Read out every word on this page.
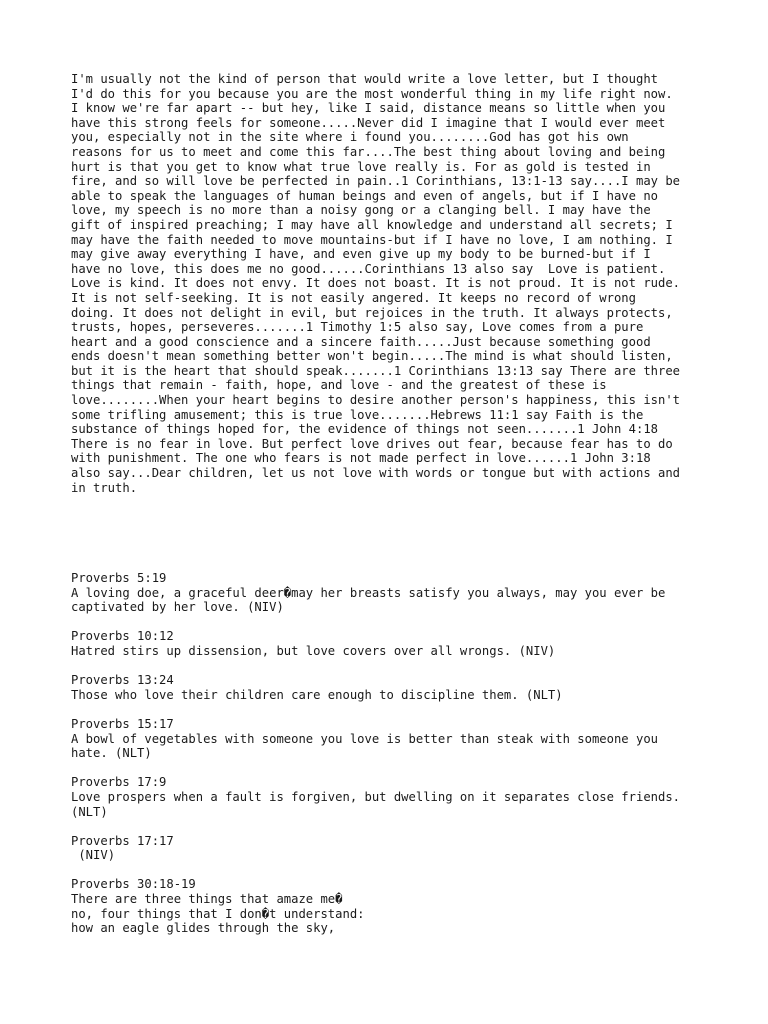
I'm usually not the kind of person that would write a love letter, but I thought
I'd do this for you because you are the most wonderful thing in my life right now.
I know we're far apart -- but hey, like I said, distance means so little when you
have this strong feels for someone.....Never did I imagine that I would ever meet
you, especially not in the site where i found you........God has got his own
reasons for us to meet and come this far....The best thing about loving and being
hurt is that you get to know what true love really is. For as gold is tested in
fire, and so will love be perfected in pain..1 Corinthians, 13:1-13 say....I may be
able to speak the languages of human beings and even of angels, but if I have no
love, my speech is no more than a noisy gong or a clanging bell. I may have the
gift of inspired preaching; I may have all knowledge and understand all secrets; I
may have the faith needed to move mountains-but if I have no love, I am nothing. I
may give away everything I have, and even give up my body to be burned-but if I
have no love, this does me no good......Corinthians 13 also say  Love is patient.
Love is kind. It does not envy. It does not boast. It is not proud. It is not rude.
It is not self-seeking. It is not easily angered. It keeps no record of wrong
doing. It does not delight in evil, but rejoices in the truth. It always protects,
trusts, hopes, perseveres.......1 Timothy 1:5 also say, Love comes from a pure
heart and a good conscience and a sincere faith.....Just because something good
ends doesn't mean something better won't begin.....The mind is what should listen,
but it is the heart that should speak.......1 Corinthians 13:13 say There are three
things that remain - faith, hope, and love - and the greatest of these is
love........When your heart begins to desire another person's happiness, this isn't
some trifling amusement; this is true love.......Hebrews 11:1 say Faith is the
substance of things hoped for, the evidence of things not seen.......1 John 4:18
There is no fear in love. But perfect love drives out fear, because fear has to do
with punishment. The one who fears is not made perfect in love......1 John 3:18
also say...Dear children, let us not love with words or tongue but with actions and
in truth.

Proverbs 5:19
A loving doe, a graceful deer�may her breasts satisfy you always, may you ever be
captivated by her love. (NIV)
Proverbs 10:12
Hatred stirs up dissension, but love covers over all wrongs. (NIV)
Proverbs 13:24
Those who love their children care enough to discipline them. (NLT)
Proverbs 15:17
A bowl of vegetables with someone you love is better than steak with someone you
hate. (NLT)
Proverbs 17:9
Love prospers when a fault is forgiven, but dwelling on it separates close friends.
(NLT)
Proverbs 17:17
(NIV)
Proverbs 30:18-19
There are three things that amaze me�
no, four things that I don�t understand:
how an eagle glides through the sky,
